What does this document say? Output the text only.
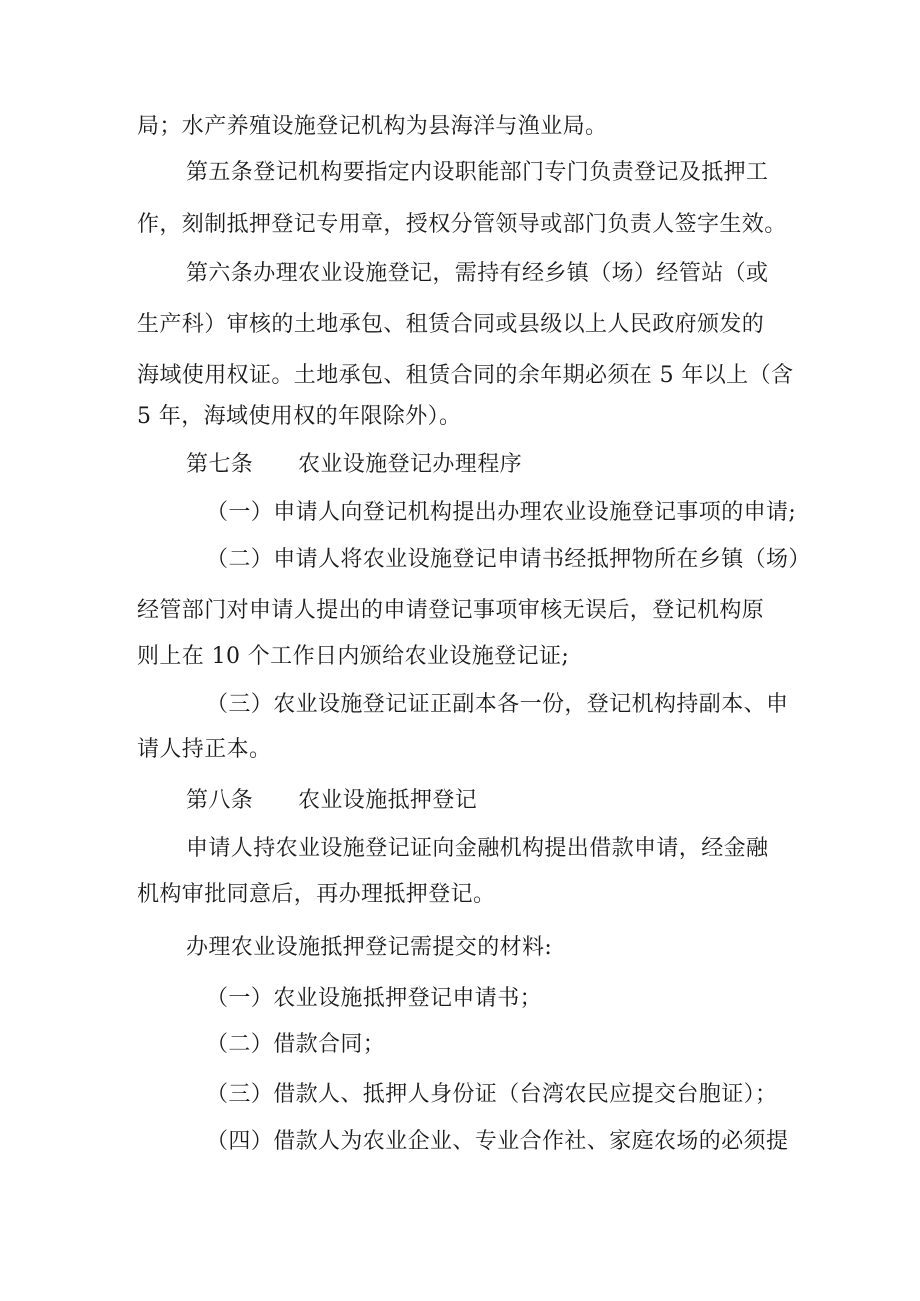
局；水产养殖设施登记机构为县海洋与渔业局。

第五条登记机构要指定内设职能部门专门负责登记及抵押工

作，刻制抵押登记专用章，授权分管领导或部门负责人签字生效。

第六条办理农业设施登记，需持有经乡镇（场）经管站（或

生产科）审核的土地承包、租赁合同或县级以上人民政府颁发的

海域使用权证。土地承包、租赁合同的余年期必须在 5 年以上（含

5 年，海域使用权的年限除外）。

第七条　　农业设施登记办理程序

（一）申请人向登记机构提出办理农业设施登记事项的申请;

（二）申请人将农业设施登记申请书经抵押物所在乡镇（场）

经管部门对申请人提出的申请登记事项审核无误后，登记机构原

则上在 10 个工作日内颁给农业设施登记证;

（三）农业设施登记证正副本各一份，登记机构持副本、申

请人持正本。

第八条　　农业设施抵押登记

申请人持农业设施登记证向金融机构提出借款申请，经金融

机构审批同意后，再办理抵押登记。

办理农业设施抵押登记需提交的材料:

（一）农业设施抵押登记申请书；

（二）借款合同；

（三）借款人、抵押人身份证（台湾农民应提交台胞证）；

（四）借款人为农业企业、专业合作社、家庭农场的必须提
